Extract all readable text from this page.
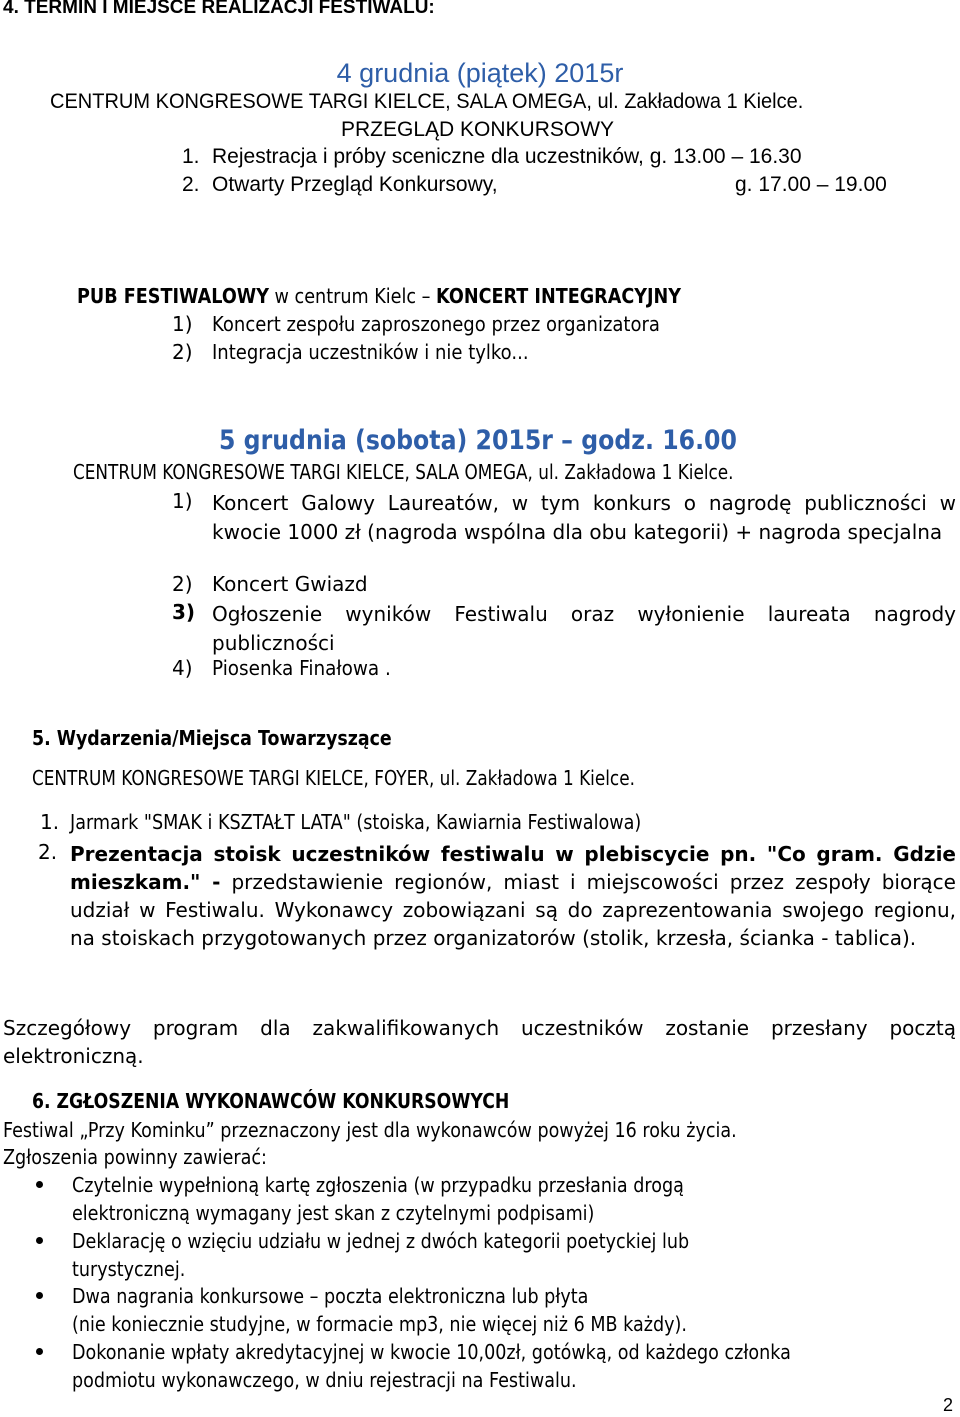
4. TERMIN I MIEJSCE REALIZACJI FESTIWALU:
4 grudnia (piątek) 2015r
CENTRUM KONGRESOWE TARGI KIELCE, SALA OMEGA, ul. Zakładowa 1 Kielce.
PRZEGLĄD KONKURSOWY
1. Rejestracja i próby sceniczne dla uczestników, g. 13.00 – 16.30
2. Otwarty Przegląd Konkursowy,	g. 17.00 – 19.00
PUB FESTIWALOWY w centrum Kielc – KONCERT INTEGRACYJNY
1) Koncert zespołu zaproszonego przez organizatora
2) Integracja uczestników i nie tylko...
5 grudnia (sobota) 2015r – godz. 16.00
CENTRUM KONGRESOWE TARGI KIELCE, SALA OMEGA, ul. Zakładowa 1 Kielce.
1) Koncert Galowy Laureatów, w tym konkurs o nagrodę publiczności w kwocie 1000 zł (nagroda wspólna dla obu kategorii) + nagroda specjalna
2) Koncert Gwiazd
3) Ogłoszenie wyników Festiwalu oraz wyłonienie laureata nagrody publiczności
4) Piosenka Finałowa .
5. Wydarzenia/Miejsca Towarzyszące
CENTRUM KONGRESOWE TARGI KIELCE, FOYER, ul. Zakładowa 1 Kielce.
1. Jarmark "SMAK i KSZTAŁT LATA" (stoiska, Kawiarnia Festiwalowa)
2. Prezentacja stoisk uczestników festiwalu w plebiscycie pn. "Co gram. Gdzie mieszkam." - przedstawienie regionów, miast i miejscowości przez zespoły biorące udział w Festiwalu. Wykonawcy zobowiązani są do zaprezentowania swojego regionu, na stoiskach przygotowanych przez organizatorów (stolik, krzesła, ścianka - tablica).
Szczegółowy program dla zakwalifikowanych uczestników zostanie przesłany pocztą elektroniczną.
6. ZGŁOSZENIA WYKONAWCÓW KONKURSOWYCH
Festiwal „Przy Kominku” przeznaczony jest dla wykonawców powyżej 16 roku życia.
Zgłoszenia powinny zawierać:
Czytelnie wypełnioną kartę zgłoszenia (w przypadku przesłania drogą
elektroniczną wymagany jest skan z czytelnymi podpisami)
Deklarację o wzięciu udziału w jednej z dwóch kategorii poetyckiej lub
turystycznej.
Dwa nagrania konkursowe – poczta elektroniczna lub płyta
(nie koniecznie studyjne, w formacie mp3, nie więcej niż 6 MB każdy).
Dokonanie wpłaty akredytacyjnej w kwocie 10,00zł, gotówką, od każdego członka
podmiotu wykonawczego, w dniu rejestracji na Festiwalu.
2
